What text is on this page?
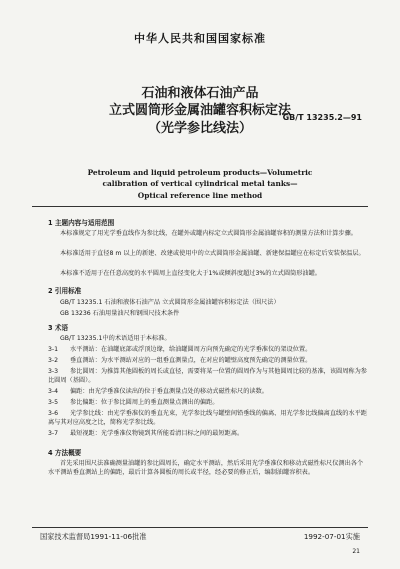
中华人民共和国国家标准
石油和液体石油产品
立式圆筒形金属油罐容积标定法
（光学参比线法）
GB/T 13235.2—91
Petroleum and liquid petroleum products—Volumetric
calibration of vertical cylindrical metal tanks—
Optical reference line method
1 主题内容与适用范围
本标准规定了用光学垂直线作为参比线，在罐外或罐内标定立式圆筒形金属油罐容积的测量方法和计算步骤。
本标准适用于直径8 m 以上的新建、改建或使用中的立式圆筒形金属油罐、新建保温罐应在标定后安装保温层。
本标准不适用于在任意高度的水平圆周上直径变化大于1%或倾斜度超过3%的立式圆筒形油罐。
2 引用标准
GB/T 13235.1 石油和液体石油产品 立式圆筒形金属油罐容积标定法（围尺法）
GB 13236 石油用量油尺和钢围尺技术条件
3 术语
GB/T 13235.1中的术语适用于本标准。
3-1 水平测站：在油罐底部或浮顶边缘，给油罐圆周方向预先确定的光学垂准仪的架设位置。
3-2 垂直测站：为水平测站对应的一组垂直测量点，在对应的罐壁高度预先确定的测量位置。
3-3 参比圆周：为推算其他圆板的周长或直径，需要将某一位置的圆周作为与其他圆周比较的基准，该圆周称为参比圆周（基圆）。
3-4 偏距：由光学垂准仪读出的位于垂直测量点处的移动式磁性标尺的读数。
3-5 参比偏距：位于参比圆周上的垂直测量点测出的偏距。
3-6 光学参比线：由光学垂准仪的垂直光束，光学参比线与罐壁间铅垂线的偏离、用光学参比线偏离直线的水平距离与其对应高度之比，简称光学参比线。
3-7 最短视距：光学垂准仪物镜到其所能看清目标之间的最短距离。
4 方法概要
首先采用围尺法准确测量油罐的参比圆周长，确定水平测站，然后采用光学垂准仪和移动式磁性标尺仪测出各个水平测站垂直测站上的偏距，最后计算各圆板的周长或半径，经必要的修正后，编制油罐容积表。
国家技术监督局1991-11-06批准	1992-07-01实施
21
